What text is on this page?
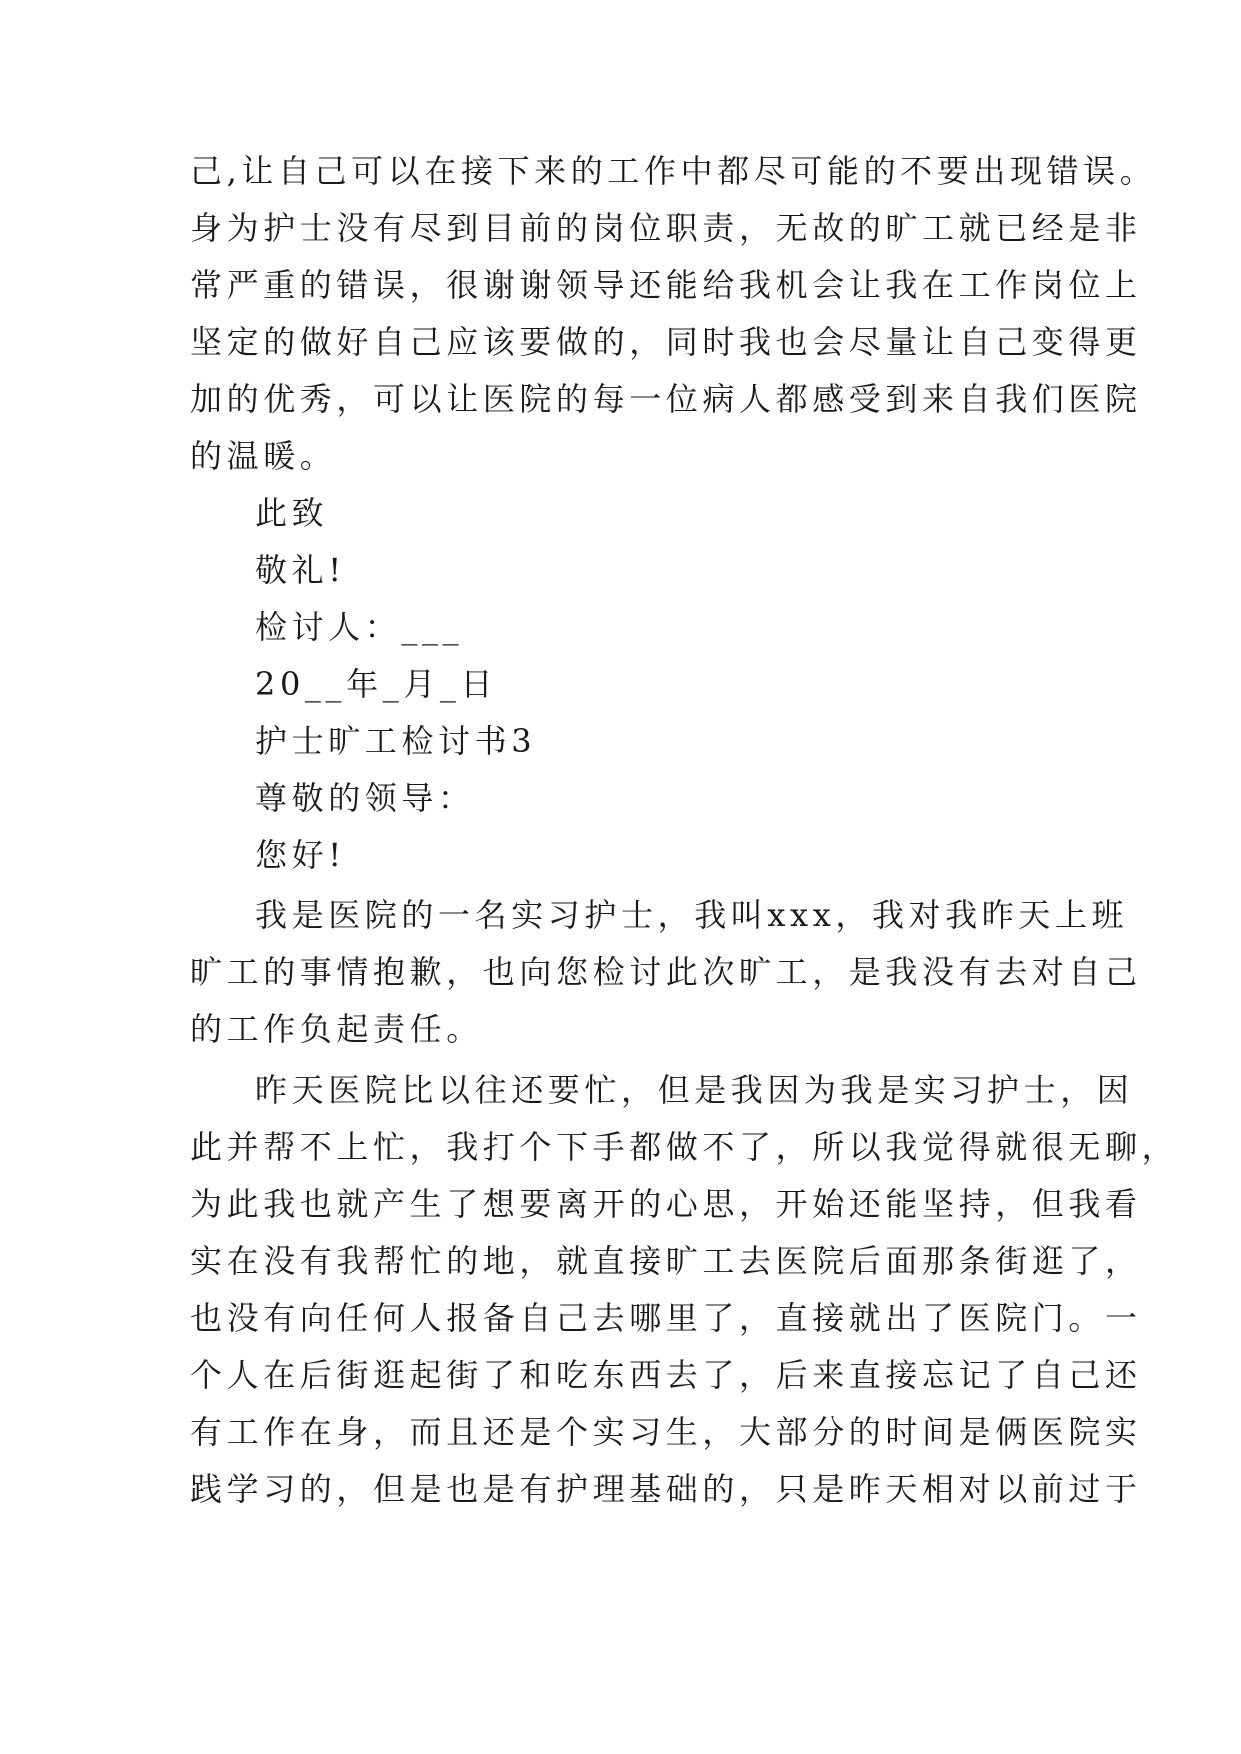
己,让自己可以在接下来的工作中都尽可能的不要出现错误。
身为护士没有尽到目前的岗位职责，无故的旷工就已经是非
常严重的错误，很谢谢领导还能给我机会让我在工作岗位上
坚定的做好自己应该要做的，同时我也会尽量让自己变得更
加的优秀，可以让医院的每一位病人都感受到来自我们医院
的温暖。
此致
敬礼!
检讨人：___
20__年_月_日
护士旷工检讨书3
尊敬的领导：
您好!
我是医院的一名实习护士，我叫xxx，我对我昨天上班
旷工的事情抱歉，也向您检讨此次旷工，是我没有去对自己
的工作负起责任。
昨天医院比以往还要忙，但是我因为我是实习护士，因
此并帮不上忙，我打个下手都做不了，所以我觉得就很无聊，
为此我也就产生了想要离开的心思，开始还能坚持，但我看
实在没有我帮忙的地，就直接旷工去医院后面那条街逛了，
也没有向任何人报备自己去哪里了，直接就出了医院门。一
个人在后街逛起街了和吃东西去了，后来直接忘记了自己还
有工作在身，而且还是个实习生，大部分的时间是俩医院实
践学习的，但是也是有护理基础的，只是昨天相对以前过于
